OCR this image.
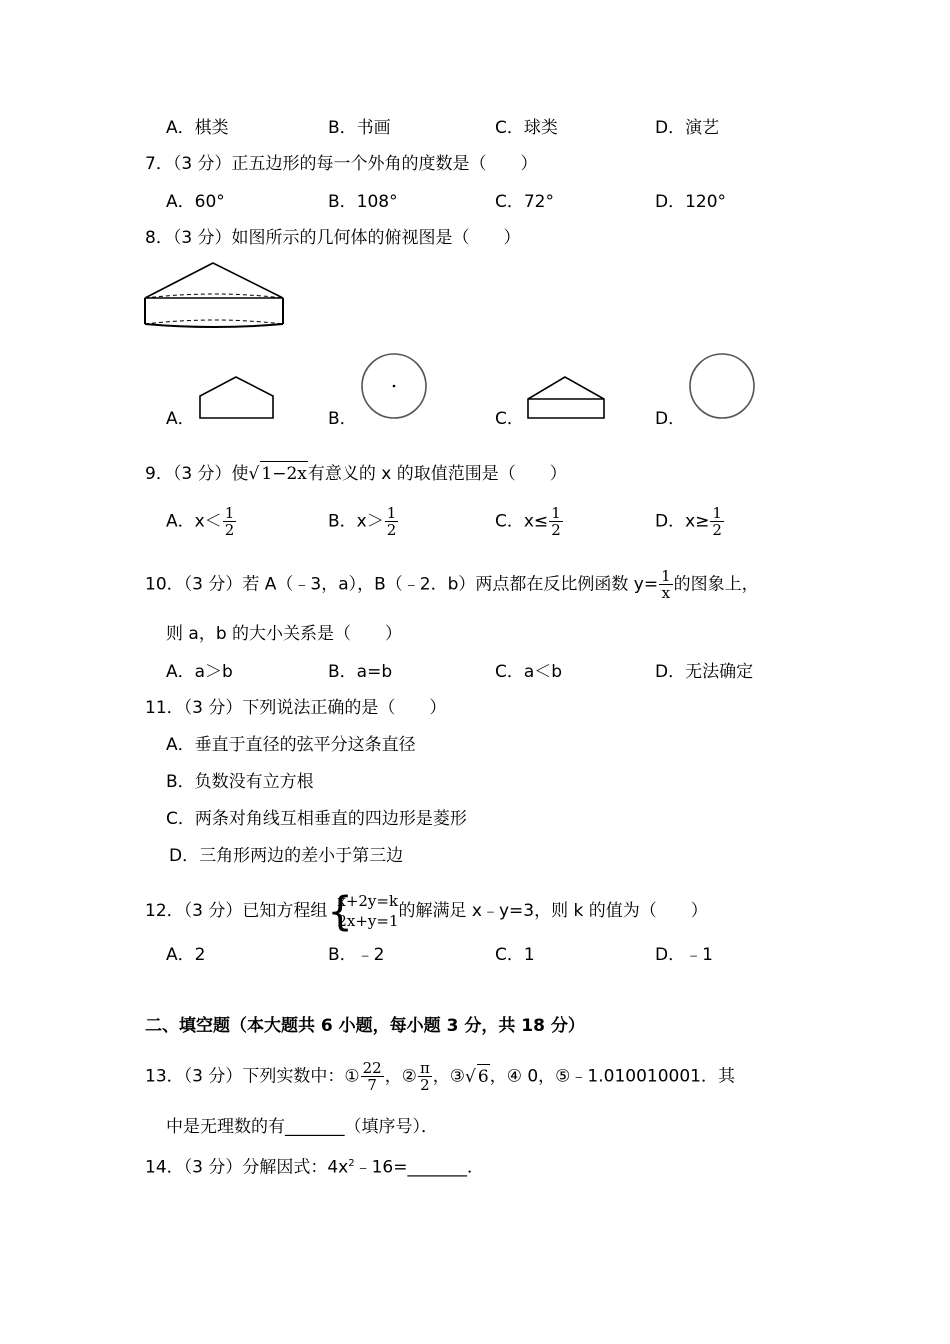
A．棋类	B．书画	C．球类	D．演艺
7．（3 分）正五边形的每一个外角的度数是（　　）
A．60°	B．108°	C．72°	D．120°
8．（3 分）如图所示的几何体的俯视图是（　　）
A．	B．	C．	D．
9．（3 分）使√ 1−2x有意义的 x 的取值范围是（　　）
A．$x< \frac{1}{2}$	B．$x> \frac{1}{2}$	C．$x\le \frac{1}{2}$	D．$x\ge \frac{1}{2}$
10．（3 分）若 A（﹣3，a），B（﹣2．b）两点都在反比例函数 $y= \frac{1}{x}$ 的图象上，
则 a，b 的大小关系是（　　）
A．a＞b	B．a=b	C．a＜b	D．无法确定
11．（3 分）下列说法正确的是（　　）
A．垂直于直径的弦平分这条直径
B．负数没有立方根
C．两条对角线互相垂直的四边形是菱形
D．三角形两边的差小于第三边
12．（3 分）已知方程组 {
x+2y=k
2x+y=1 的解满足 x﹣y=3，则 k 的值为（　　）
A．2	B．﹣2	C．1	D．﹣1
二、填空题（本大题共 6 小题，每小题 3 分，共 18 分）
13．（3 分）下列实数中：① $\frac{22}{7}$ ，② $\frac{\pi}{2}$ ，③√ 6，④ 0，⑤﹣1.010010001．其
中是无理数的有_______（填序号）．
14．（3 分）分解因式：$4x^2﹣16=\_\_\_\_\_\_\_$．
